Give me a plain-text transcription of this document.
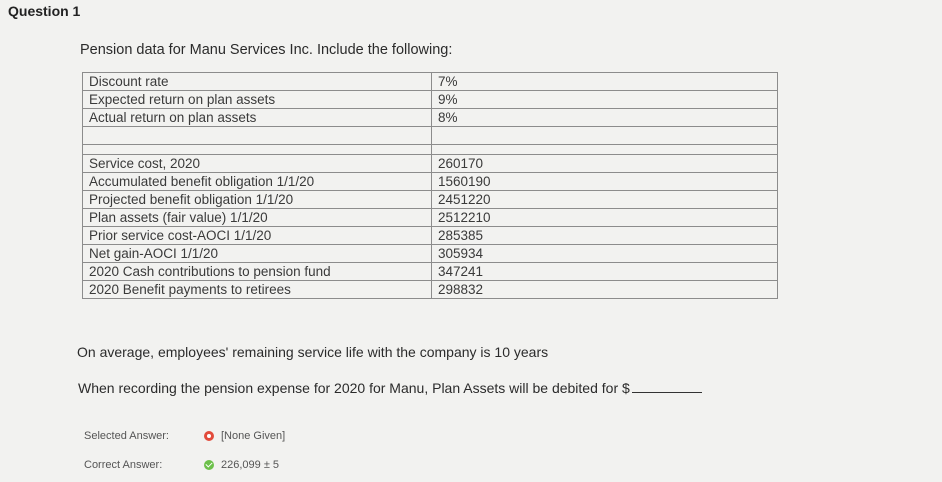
Question 1
Pension data for Manu Services Inc. Include the following:
Discount rate	7%
Expected return on plan assets	9%
Actual return on plan assets	8%

Service cost, 2020	260170
Accumulated benefit obligation 1/1/20	1560190
Projected benefit obligation 1/1/20	2451220
Plan assets (fair value) 1/1/20	2512210
Prior service cost-AOCI 1/1/20	285385
Net gain-AOCI 1/1/20	305934
2020 Cash contributions to pension fund	347241
2020 Benefit payments to retirees	298832
On average, employees' remaining service life with the company is 10 years
When recording the pension expense for 2020 for Manu, Plan Assets will be debited for $
Selected Answer:	[None Given]
Correct Answer:	226,099 ± 5
